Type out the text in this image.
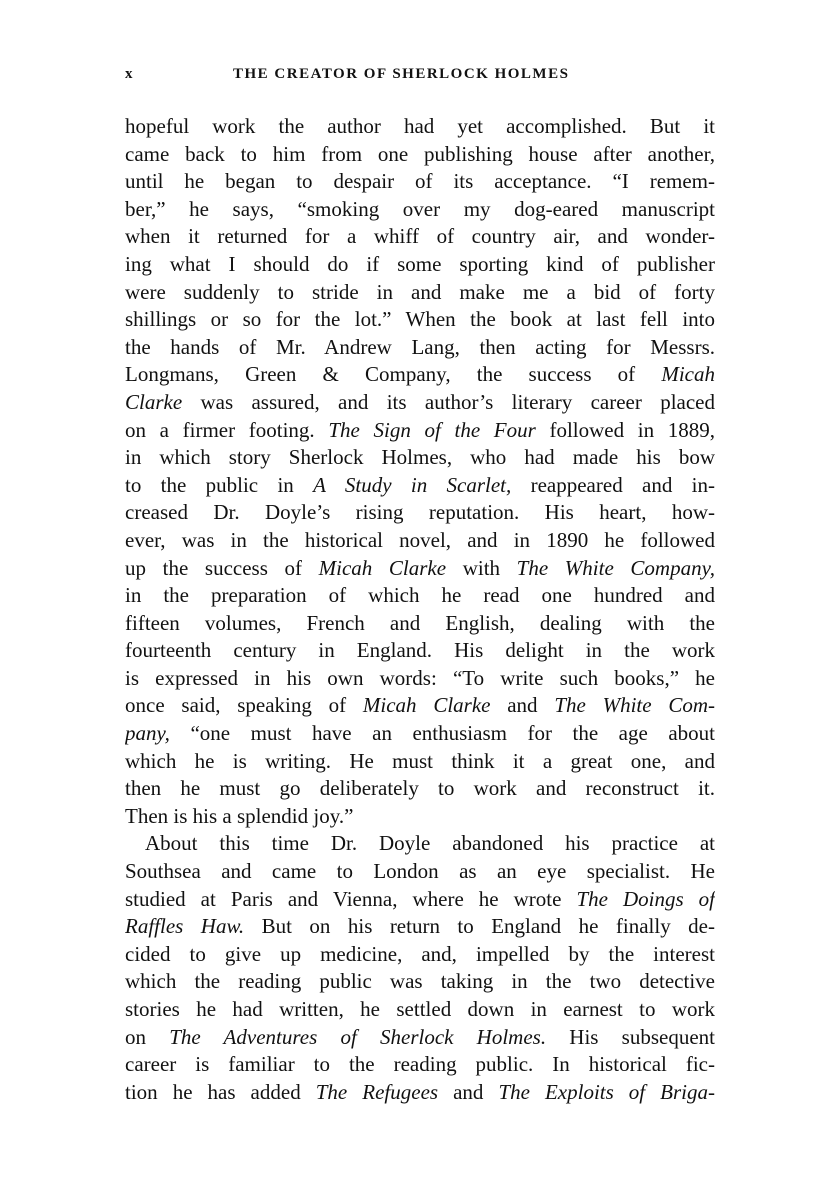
x	THE CREATOR OF SHERLOCK HOLMES
hopeful work the author had yet accomplished. But it
came back to him from one publishing house after another,
until he began to despair of its acceptance. “I remem-
ber,” he says, “smoking over my dog-eared manuscript
when it returned for a whiff of country air, and wonder-
ing what I should do if some sporting kind of publisher
were suddenly to stride in and make me a bid of forty
shillings or so for the lot.” When the book at last fell into
the hands of Mr. Andrew Lang, then acting for Messrs.
Longmans, Green & Company, the success of Micah
Clarke was assured, and its author’s literary career placed
on a firmer footing. The Sign of the Four followed in 1889,
in which story Sherlock Holmes, who had made his bow
to the public in A Study in Scarlet, reappeared and in-
creased Dr. Doyle’s rising reputation. His heart, how-
ever, was in the historical novel, and in 1890 he followed
up the success of Micah Clarke with The White Company,
in the preparation of which he read one hundred and
fifteen volumes, French and English, dealing with the
fourteenth century in England. His delight in the work
is expressed in his own words: “To write such books,” he
once said, speaking of Micah Clarke and The White Com-
pany, “one must have an enthusiasm for the age about
which he is writing. He must think it a great one, and
then he must go deliberately to work and reconstruct it.
Then is his a splendid joy.”
About this time Dr. Doyle abandoned his practice at
Southsea and came to London as an eye specialist. He
studied at Paris and Vienna, where he wrote The Doings of
Raffles Haw. But on his return to England he finally de-
cided to give up medicine, and, impelled by the interest
which the reading public was taking in the two detective
stories he had written, he settled down in earnest to work
on The Adventures of Sherlock Holmes. His subsequent
career is familiar to the reading public. In historical fic-
tion he has added The Refugees and The Exploits of Briga-
